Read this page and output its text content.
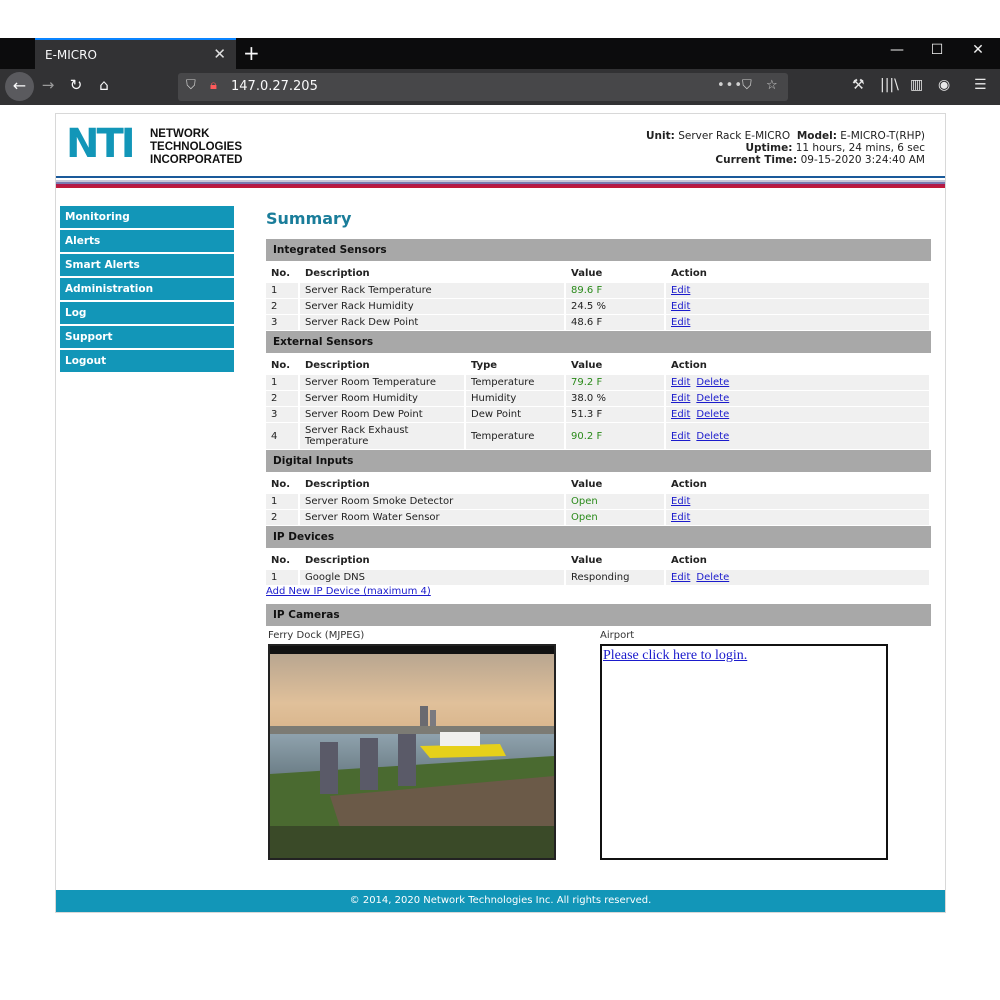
E-MICRO	✕ +	— ☐ ✕
←	→	↻	⌂	⛉ 🔒︎ 147.0.27.205	•••
⛉ ☆	⚒ |||\ ▥ ◉ ☰
NTI NETWORK
TECHNOLOGIES
INCORPORATED
Unit: Server Rack E-MICRO Model: E-MICRO-T(RHP)
Uptime: 11 hours, 24 mins, 6 sec
Current Time: 09-15-2020 3:24:40 AM
Monitoring
Alerts
Smart Alerts
Administration
Log
Support
Logout
Summary
Integrated Sensors
No.	Description	Value	Action
1	Server Rack Temperature	89.6 F	Edit
2	Server Rack Humidity	24.5 %	Edit
3	Server Rack Dew Point	48.6 F	Edit
External Sensors
No.	Description	Type	Value	Action
1	Server Room Temperature	Temperature	79.2 F	Edit Delete
2	Server Room Humidity	Humidity	38.0 %	Edit Delete
3	Server Room Dew Point	Dew Point	51.3 F	Edit Delete
4	Server Rack Exhaust Temperature	Temperature	90.2 F	Edit Delete
Digital Inputs
No.	Description	Value	Action
1	Server Room Smoke Detector	Open	Edit
2	Server Room Water Sensor	Open	Edit
IP Devices
No.	Description	Value	Action
1	Google DNS	Responding	Edit Delete
Add New IP Device (maximum 4)
IP Cameras
Ferry Dock (MJPEG)	Airport
Please click here to login.
© 2014, 2020 Network Technologies Inc. All rights reserved.
